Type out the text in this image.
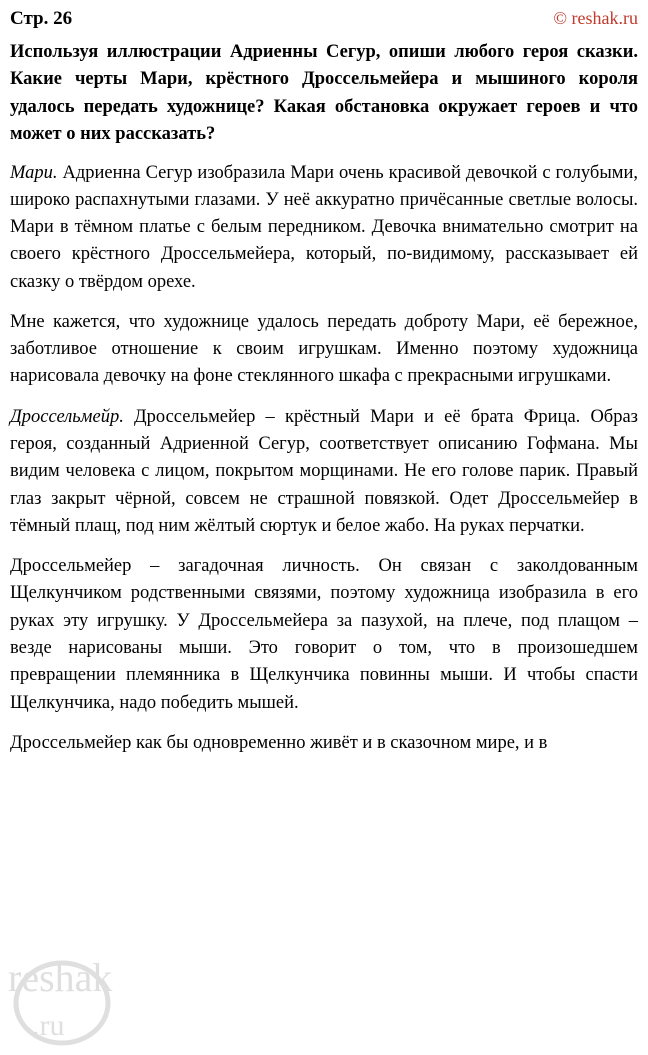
Стр. 26	© reshak.ru
Используя иллюстрации Адриенны Сегур, опиши любого героя сказки. Какие черты Мари, крёстного Дроссельмейера и мышиного короля удалось передать художнице? Какая обстановка окружает героев и что может о них рассказать?

Мари. Адриенна Сегур изобразила Мари очень красивой девочкой с голубыми, широко распахнутыми глазами. У неё аккуратно причёсанные светлые волосы. Мари в тёмном платье с белым передником. Девочка внимательно смотрит на своего крёстного Дроссельмейера, который, по-видимому, рассказывает ей сказку о твёрдом орехе.

Мне кажется, что художнице удалось передать доброту Мари, её бережное, заботливое отношение к своим игрушкам. Именно поэтому художница нарисовала девочку на фоне стеклянного шкафа с прекрасными игрушками.

Дроссельмейр. Дроссельмейер – крёстный Мари и её брата Фрица. Образ героя, созданный Адриенной Сегур, соответствует описанию Гофмана. Мы видим человека с лицом, покрытом морщинами. Не его голове парик. Правый глаз закрыт чёрной, совсем не страшной повязкой. Одет Дроссельмейер в тёмный плащ, под ним жёлтый сюртук и белое жабо. На руках перчатки.

Дроссельмейер – загадочная личность. Он связан с заколдованным Щелкунчиком родственными связями, поэтому художница изобразила в его руках эту игрушку. У Дроссельмейера за пазухой, на плече, под плащом – везде нарисованы мыши. Это говорит о том, что в произошедшем превращении племянника в Щелкунчика повинны мыши. И чтобы спасти Щелкунчика, надо победить мышей.

Дроссельмейер как бы одновременно живёт и в сказочном мире, и в

reshak
.ru
